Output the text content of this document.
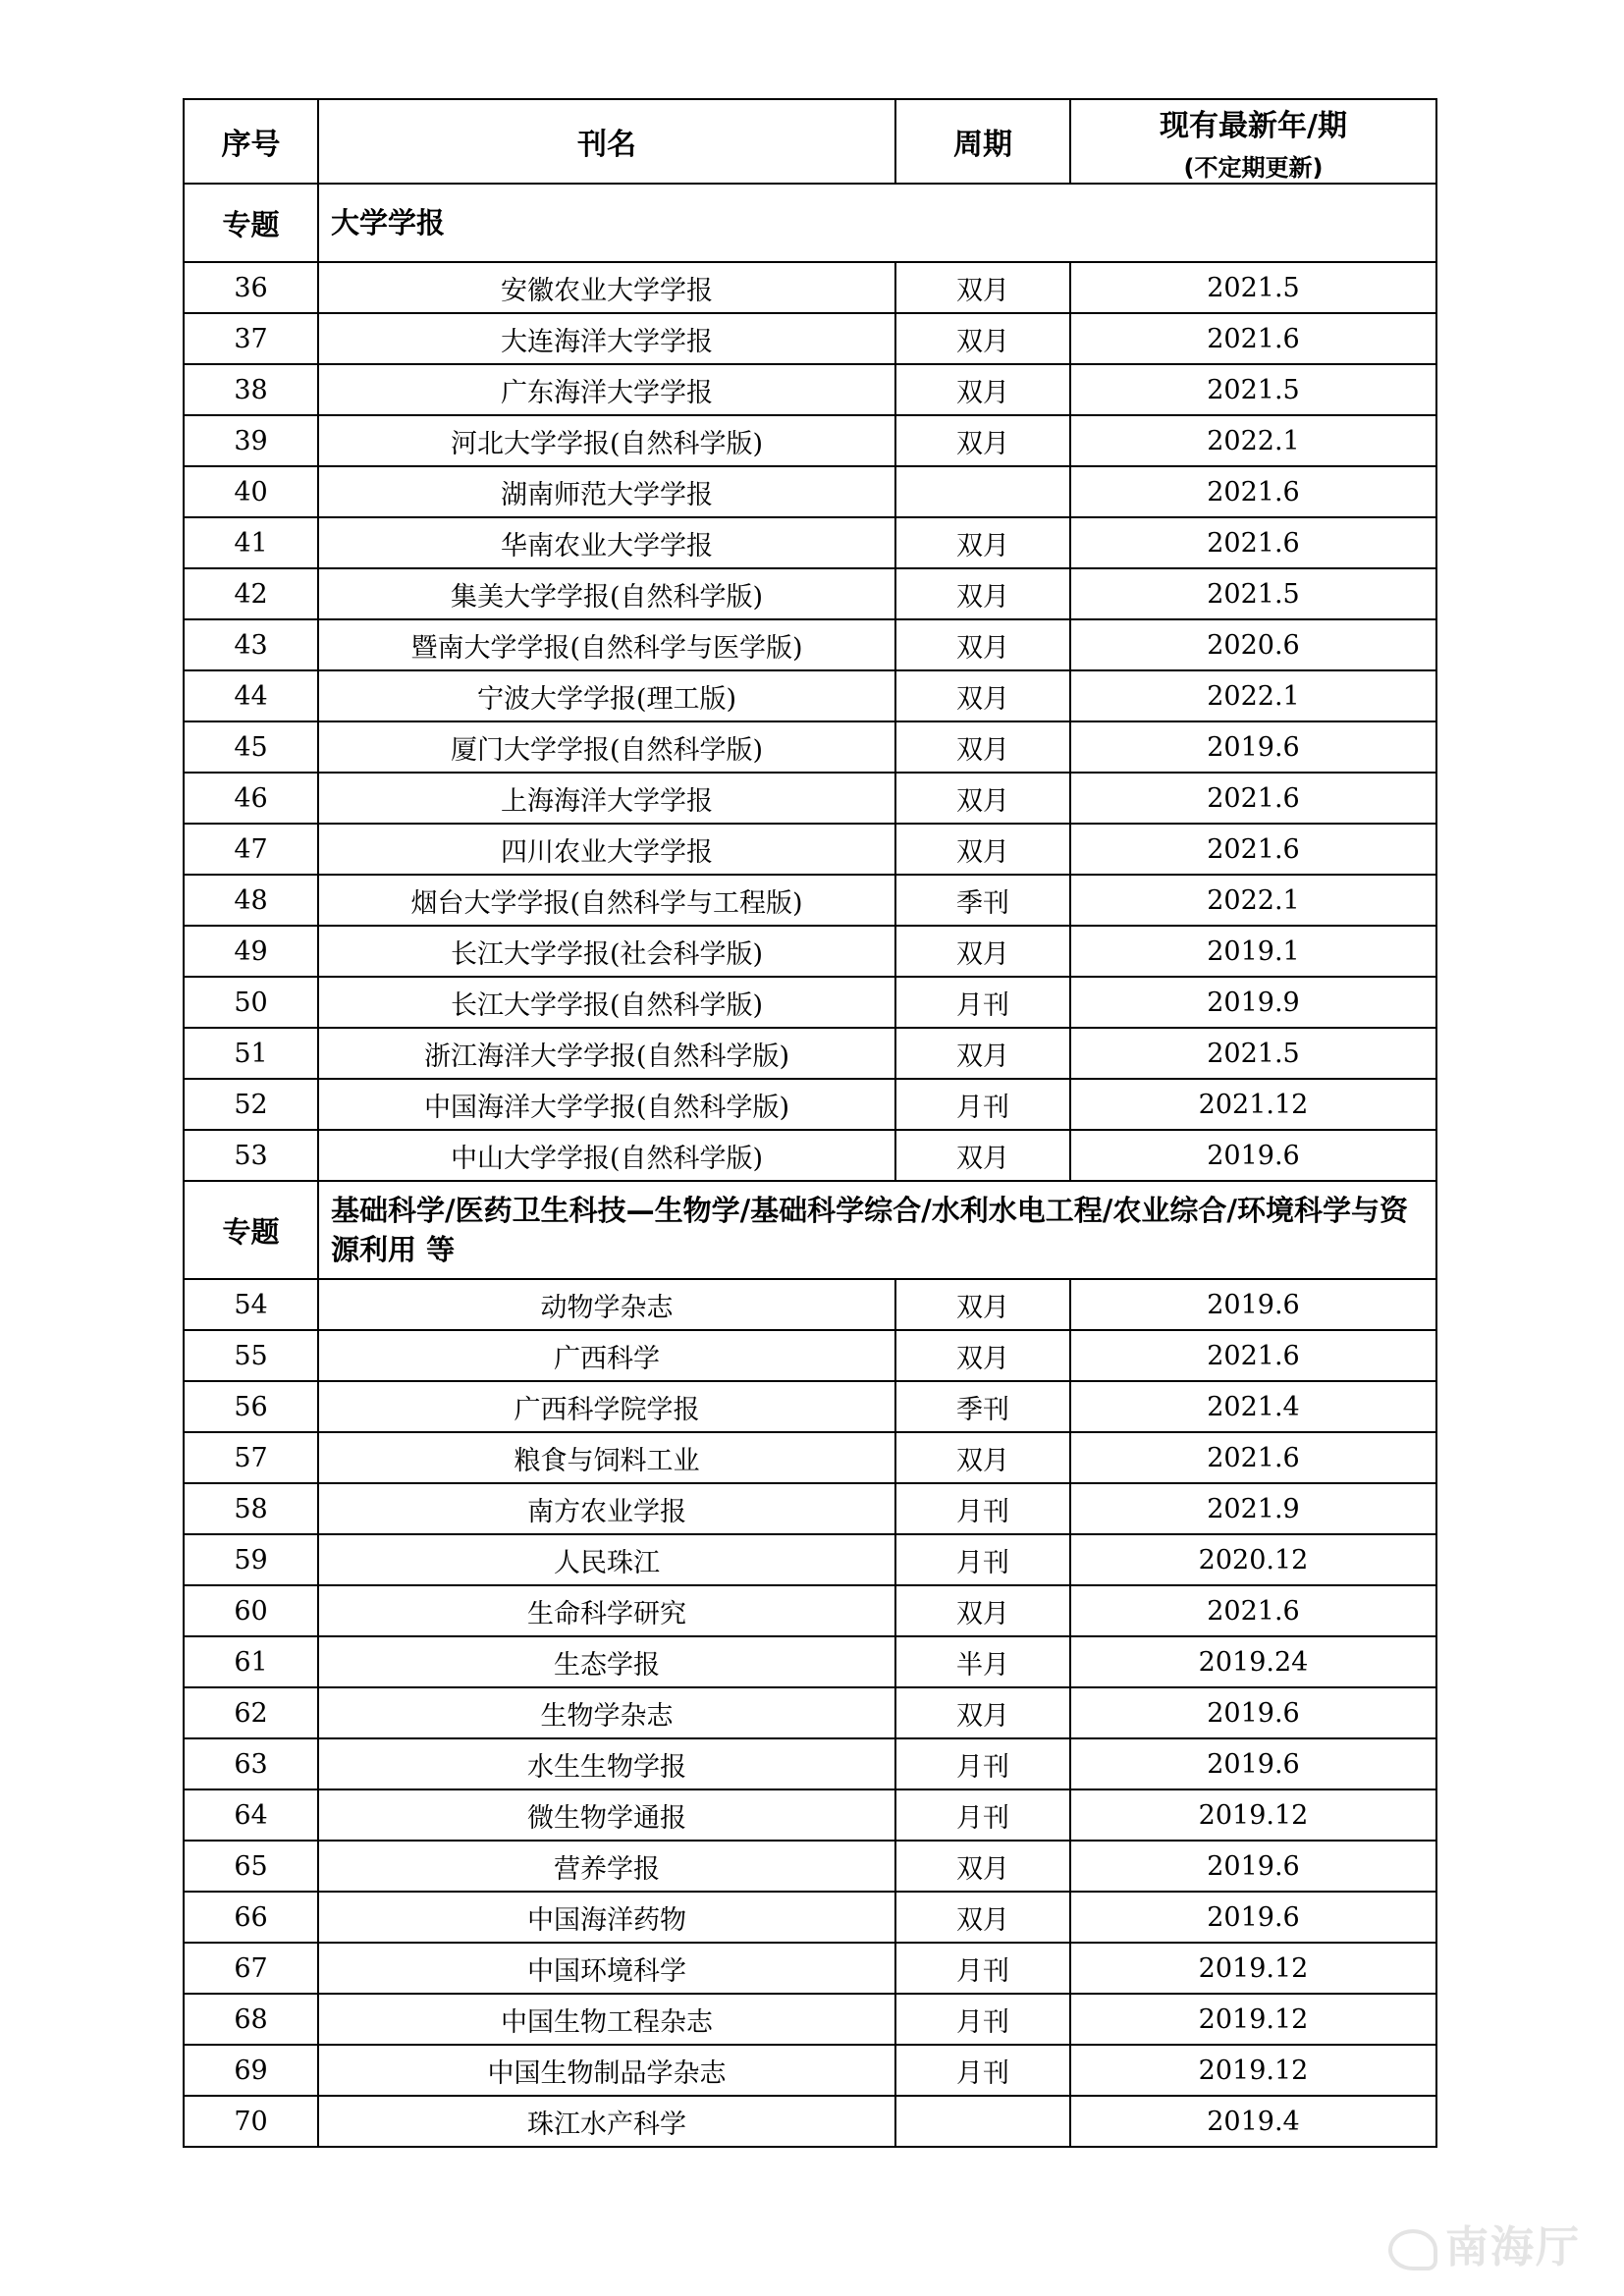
序号	刊名	周期	现有最新年/期
(不定期更新)

专题	大学学报		
36	安徽农业大学学报	双月	2021.5
37	大连海洋大学学报	双月	2021.6
38	广东海洋大学学报	双月	2021.5
39	河北大学学报(自然科学版)	双月	2022.1
40	湖南师范大学学报		2021.6
41	华南农业大学学报	双月	2021.6
42	集美大学学报(自然科学版)	双月	2021.5
43	暨南大学学报(自然科学与医学版)	双月	2020.6
44	宁波大学学报(理工版)	双月	2022.1
45	厦门大学学报(自然科学版)	双月	2019.6
46	上海海洋大学学报	双月	2021.6
47	四川农业大学学报	双月	2021.6
48	烟台大学学报(自然科学与工程版)	季刊	2022.1
49	长江大学学报(社会科学版)	双月	2019.1
50	长江大学学报(自然科学版)	月刊	2019.9
51	浙江海洋大学学报(自然科学版)	双月	2021.5
52	中国海洋大学学报(自然科学版)	月刊	2021.12
53	中山大学学报(自然科学版)	双月	2019.6
专题	基础科学/医药卫生科技—生物学/基础科学综合/水利水电工程/农业综合/环境科学与资源利用 等		
54	动物学杂志	双月	2019.6
55	广西科学	双月	2021.6
56	广西科学院学报	季刊	2021.4
57	粮食与饲料工业	双月	2021.6
58	南方农业学报	月刊	2021.9
59	人民珠江	月刊	2020.12
60	生命科学研究	双月	2021.6
61	生态学报	半月	2019.24
62	生物学杂志	双月	2019.6
63	水生生物学报	月刊	2019.6
64	微生物学通报	月刊	2019.12
65	营养学报	双月	2019.6
66	中国海洋药物	双月	2019.6
67	中国环境科学	月刊	2019.12
68	中国生物工程杂志	月刊	2019.12
69	中国生物制品学杂志	月刊	2019.12
70	珠江水产科学		2019.4
南海厅
